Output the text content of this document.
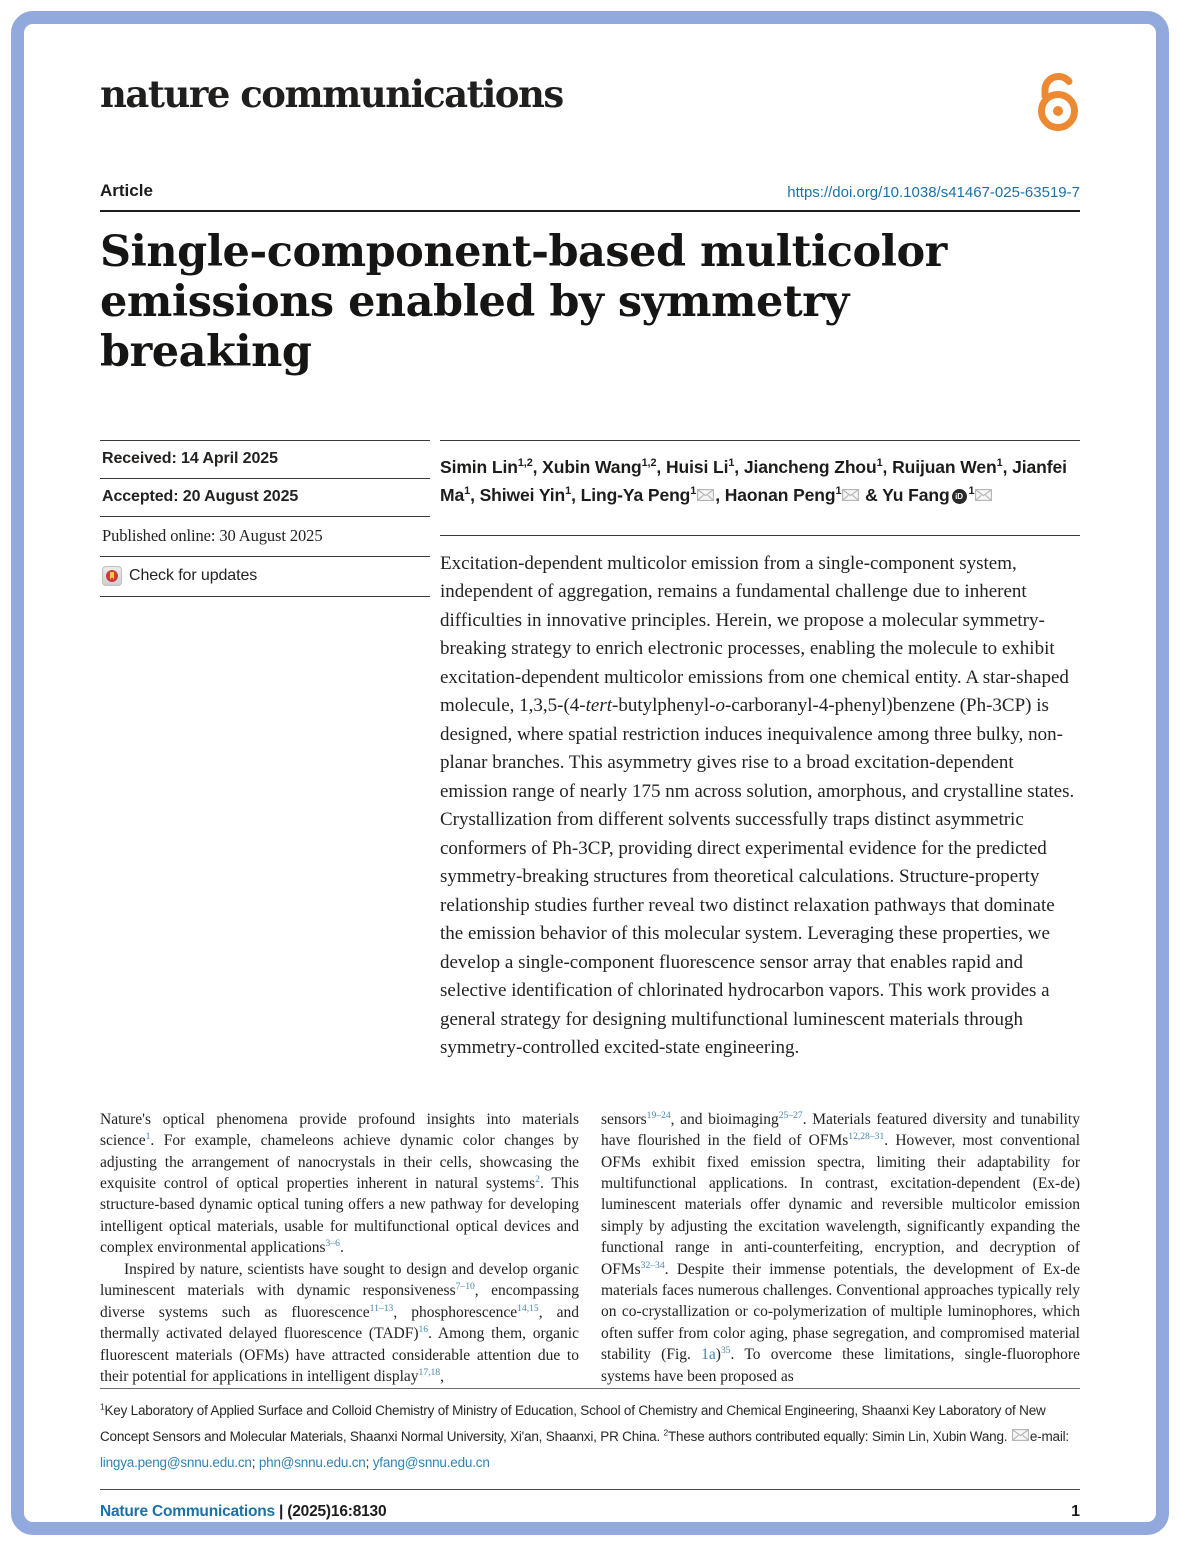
nature communications
Article	https://doi.org/10.1038/s41467-025-63519-7
Single-component-based multicolor emissions enabled by symmetry breaking
Received: 14 April 2025
Accepted: 20 August 2025
Published online: 30 August 2025
Check for updates
Simin Lin$^{1,2}$, Xubin Wang$^{1,2}$, Huisi Li$^1$, Jiancheng Zhou$^1$, Ruijuan Wen$^1$, Jianfei Ma$^1$, Shiwei Yin$^1$, Ling-Ya Peng$^1$ , Haonan Peng$^1$ & Yu Fang iD $^1$
Excitation-dependent multicolor emission from a single-component system, independent of aggregation, remains a fundamental challenge due to inherent difficulties in innovative principles. Herein, we propose a molecular symmetry-breaking strategy to enrich electronic processes, enabling the molecule to exhibit excitation-dependent multicolor emissions from one chemical entity. A star-shaped molecule, 1,3,5-(4-tert-butylphenyl-o-carboranyl-4-phenyl)benzene (Ph-3CP) is designed, where spatial restriction induces inequivalence among three bulky, non-planar branches. This asymmetry gives rise to a broad excitation-dependent emission range of nearly 175 nm across solution, amorphous, and crystalline states. Crystallization from different solvents successfully traps distinct asymmetric conformers of Ph-3CP, providing direct experimental evidence for the predicted symmetry-breaking structures from theoretical calculations. Structure-property relationship studies further reveal two distinct relaxation pathways that dominate the emission behavior of this molecular system. Leveraging these properties, we develop a single-component fluorescence sensor array that enables rapid and selective identification of chlorinated hydrocarbon vapors. This work provides a general strategy for designing multifunctional luminescent materials through symmetry-controlled excited-state engineering.

Nature's optical phenomena provide profound insights into materials science$^1$. For example, chameleons achieve dynamic color changes by adjusting the arrangement of nanocrystals in their cells, showcasing the exquisite control of optical properties inherent in natural systems$^2$. This structure-based dynamic optical tuning offers a new pathway for developing intelligent optical materials, usable for multifunctional optical devices and complex environmental applications$^{3-6}$.

Inspired by nature, scientists have sought to design and develop organic luminescent materials with dynamic responsiveness$^{7-10}$, encompassing diverse systems such as fluorescence$^{11-13}$, phosphorescence$^{14,15}$, and thermally activated delayed fluorescence (TADF)$^{16}$. Among them, organic fluorescent materials (OFMs) have attracted considerable attention due to their potential for applications in intelligent display$^{17,18}$,

sensors$^{19-24}$, and bioimaging$^{25-27}$. Materials featured diversity and tunability have flourished in the field of OFMs$^{12,28-31}$. However, most conventional OFMs exhibit fixed emission spectra, limiting their adaptability for multifunctional applications. In contrast, excitation-dependent (Ex-de) luminescent materials offer dynamic and reversible multicolor emission simply by adjusting the excitation wavelength, significantly expanding the functional range in anti-counterfeiting, encryption, and decryption of OFMs$^{32-34}$. Despite their immense potentials, the development of Ex-de materials faces numerous challenges. Conventional approaches typically rely on co-crystallization or co-polymerization of multiple luminophores, which often suffer from color aging, phase segregation, and compromised material stability (Fig. 1a)$^{35}$. To overcome these limitations, single-fluorophore systems have been proposed as

$^1$Key Laboratory of Applied Surface and Colloid Chemistry of Ministry of Education, School of Chemistry and Chemical Engineering, Shaanxi Key Laboratory of New Concept Sensors and Molecular Materials, Shaanxi Normal University, Xi'an, Shaanxi, PR China. $^2$These authors contributed equally: Simin Lin, Xubin Wang. e-mail: lingya.peng@snnu.edu.cn; phn@snnu.edu.cn; yfang@snnu.edu.cn
Nature Communications | (2025)16:8130	1
